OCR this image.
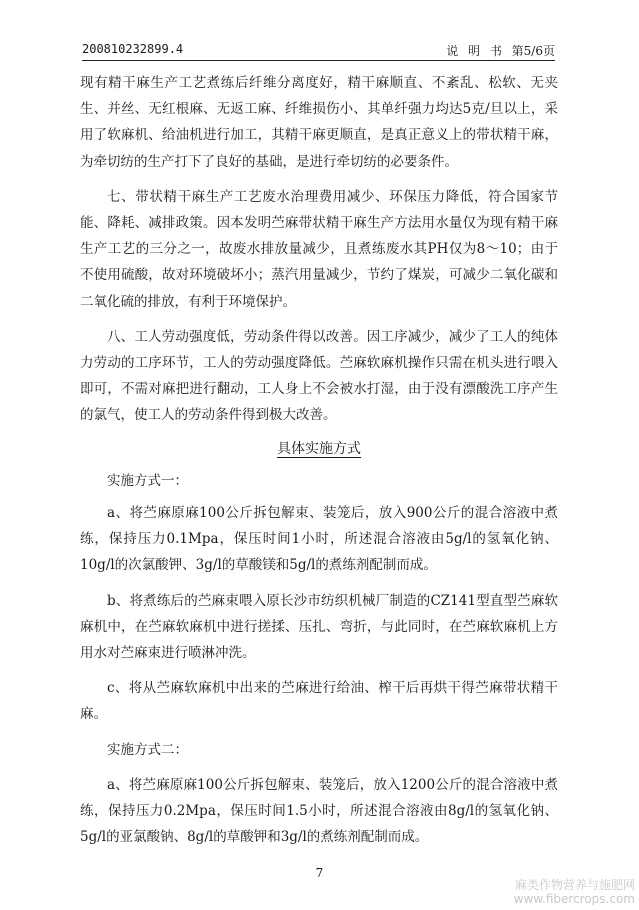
200810232899.4	说 明 书 第5/6页

现有精干麻生产工艺煮练后纤维分离度好，精干麻顺直、不紊乱、松软、无夹生、并丝、无红根麻、无返工麻、纤维损伤小、其单纤强力均达5克/旦以上，采用了软麻机、给油机进行加工，其精干麻更顺直，是真正意义上的带状精干麻，为牵切纺的生产打下了良好的基础，是进行牵切纺的必要条件。

七、带状精干麻生产工艺废水治理费用减少、环保压力降低，符合国家节能、降耗、减排政策。因本发明苎麻带状精干麻生产方法用水量仅为现有精干麻生产工艺的三分之一，故废水排放量减少，且煮练废水其PH仅为8～10；由于不使用硫酸，故对环境破坏小；蒸汽用量减少，节约了煤炭，可减少二氧化碳和二氧化硫的排放，有利于环境保护。

八、工人劳动强度低，劳动条件得以改善。因工序减少，减少了工人的纯体力劳动的工序环节，工人的劳动强度降低。苎麻软麻机操作只需在机头进行喂入即可，不需对麻把进行翻动，工人身上不会被水打湿，由于没有漂酸洗工序产生的氯气，使工人的劳动条件得到极大改善。

具体实施方式

实施方式一：

a、将苎麻原麻100公斤拆包解束、装笼后，放入900公斤的混合溶液中煮练，保持压力0.1Mpa，保压时间1小时，所述混合溶液由5g/l的氢氧化钠、10g/l的次氯酸钾、3g/l的草酸镁和5g/l的煮练剂配制而成。

b、将煮练后的苎麻束喂入原长沙市纺织机械厂制造的CZ141型直型苎麻软麻机中，在苎麻软麻机中进行搓揉、压扎、弯折，与此同时，在苎麻软麻机上方用水对苎麻束进行喷淋冲洗。

c、将从苎麻软麻机中出来的苎麻进行给油、榨干后再烘干得苎麻带状精干麻。

实施方式二：

a、将苎麻原麻100公斤拆包解束、装笼后，放入1200公斤的混合溶液中煮练，保持压力0.2Mpa，保压时间1.5小时，所述混合溶液由8g/l的氢氧化钠、5g/l的亚氯酸钠、8g/l的草酸钾和3g/l的煮练剂配制而成。

7
麻类作物营养与施肥网
www.fibercrops.com
